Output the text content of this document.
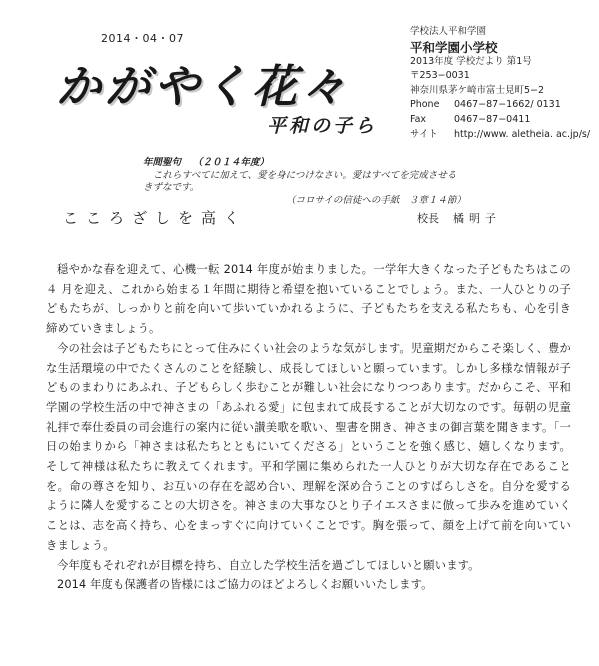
2014・04・07
かがやく花々
平和の子ら
学校法人平和学園
平和学園小学校
2013年度 学校だより 第1号
〒253−0031
神奈川県茅ケ崎市富士見町5−2
Phone 0467−87−1662/ 0131
Fax	0467−87−0411
サイト http://www. aletheia. ac.jp/s/
年間聖句 （２０１４年度）
これらすべてに加えて、愛を身につけなさい。愛はすべてを完成させる
きずなです。
（コロサイの信徒への手紙　３章１４節）
こころざしを高く	校長 橘明子

穏やかな春を迎えて、心機一転 2014 年度が始まりました。一学年大きくなった子どもたちはこの ４ 月を迎え、これから始まる１年間に期待と希望を抱いていることでしょう。また、一人ひとりの子どもたちが、しっかりと前を向いて歩いていかれるように、子どもたちを支える私たちも、心を引き締めていきましょう。

今の社会は子どもたちにとって住みにくい社会のような気がします。児童期だからこそ楽しく、豊かな生活環境の中でたくさんのことを経験し、成長してほしいと願っています。しかし多様な情報が子どものまわりにあふれ、子どもらしく歩むことが難しい社会になりつつあります。だからこそ、平和学園の学校生活の中で神さまの「あふれる愛」に包まれて成長することが大切なのです。毎朝の児童礼拝で奉仕委員の司会進行の案内に従い讃美歌を歌い、聖書を開き、神さまの御言葉を聞きます。「一日の始まりから「神さまは私たちとともにいてくださる」ということを強く感じ、嬉しくなります。そして神様は私たちに教えてくれます。平和学園に集められた一人ひとりが大切な存在であることを。命の尊さを知り、お互いの存在を認め合い、理解を深め合うことのすばらしさを。自分を愛するように隣人を愛することの大切さを。神さまの大事なひとり子イエスさまに倣って歩みを進めていくことは、志を高く持ち、心をまっすぐに向けていくことです。胸を張って、顔を上げて前を向いていきましょう。

今年度もそれぞれが目標を持ち、自立した学校生活を過ごしてほしいと願います。

2014 年度も保護者の皆様にはご協力のほどよろしくお願いいたします。
